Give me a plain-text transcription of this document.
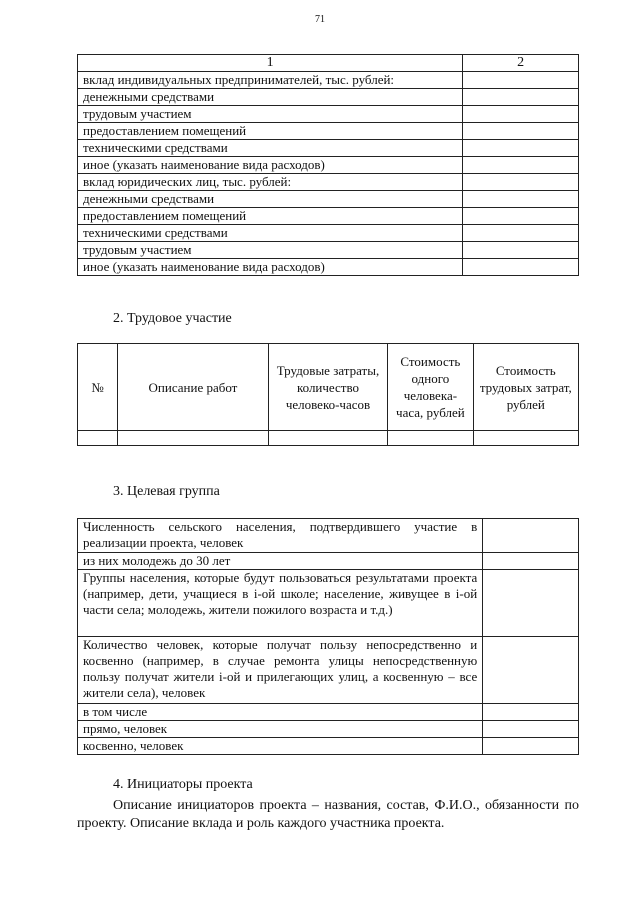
71
1	2
вклад индивидуальных предпринимателей, тыс. рублей:	
денежными средствами	
трудовым участием	
предоставлением помещений	
техническими средствами	
иное (указать наименование вида расходов)	
вклад юридических лиц, тыс. рублей:	
денежными средствами	
предоставлением помещений	
техническими средствами	
трудовым участием	
иное (указать наименование вида расходов)	
2. Трудовое участие
№	Описание работ	Трудовые затраты, количество человеко-часов	Стоимость одного человека-часа, рублей	Стоимость трудовых затрат, рублей

3. Целевая группа
Численность сельского населения, подтвердившего участие в реализации проекта, человек	
из них молодежь до 30 лет	
Группы населения, которые будут пользоваться результатами проекта (например, дети, учащиеся в i-ой школе; население, живущее в i-ой части села; молодежь, жители пожилого возраста и т.д.)	
Количество человек, которые получат пользу непосредственно и косвенно (например, в случае ремонта улицы непосредственную пользу получат жители i-ой и прилегающих улиц, а косвенную – все жители села), человек	
в том числе	
прямо, человек	
косвенно, человек	
4. Инициаторы проекта
Описание инициаторов проекта – названия, состав, Ф.И.О., обязанности по проекту. Описание вклада и роль каждого участника проекта.
